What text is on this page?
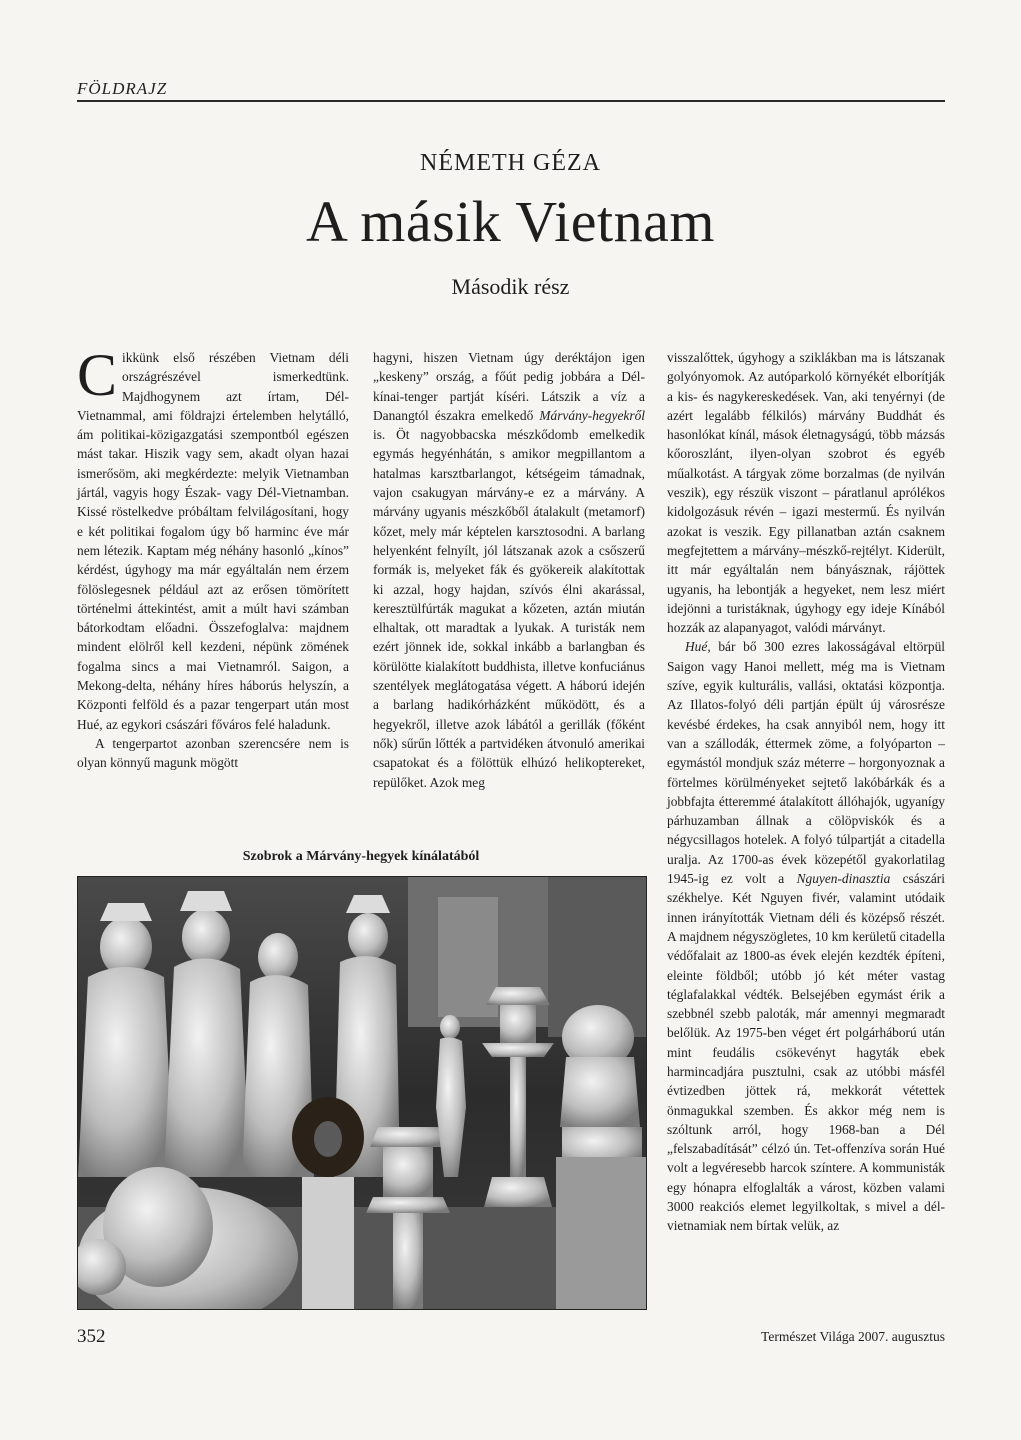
FÖLDRAJZ
NÉMETH GÉZA
A másik Vietnam
Második rész

Cikkünk első részében Vietnam déli országrészével ismerkedtünk. Majdhogynem azt írtam, Dél-Vietnammal, ami földrajzi értelemben helytálló, ám politikai-közigazgatási szempontból egészen mást takar. Hiszik vagy sem, akadt olyan hazai ismerősöm, aki megkérdezte: melyik Vietnamban jártál, vagyis hogy Észak- vagy Dél-Vietnamban. Kissé röstelkedve próbáltam felvilágosítani, hogy e két politikai fogalom úgy bő harminc éve már nem létezik. Kaptam még néhány hasonló „kínos” kérdést, úgyhogy ma már egyáltalán nem érzem fölöslegesnek például azt az erősen tömörített történelmi áttekintést, amit a múlt havi számban bátorkodtam előadni. Összefoglalva: majdnem mindent elölről kell kezdeni, népünk zömének fogalma sincs a mai Vietnamról. Saigon, a Mekong-delta, néhány híres háborús helyszín, a Központi felföld és a pazar tengerpart után most Hué, az egykori császári főváros felé haladunk.

A tengerpartot azonban szerencsére nem is olyan könnyű magunk mögött

hagyni, hiszen Vietnam úgy deréktájon igen „keskeny” ország, a főút pedig jobbára a Dél-kínai-tenger partját kíséri. Látszik a víz a Danangtól északra emelkedő Márvány-hegyekről is. Öt nagyobbacska mészkődomb emelkedik egymás hegyénhátán, s amikor megpillantom a hatalmas karsztbarlangot, kétségeim támadnak, vajon csakugyan márvány-e ez a márvány. A márvány ugyanis mészkőből átalakult (metamorf) kőzet, mely már képtelen karsztosodni. A barlang helyenként felnyílt, jól látszanak azok a csőszerű formák is, melyeket fák és gyökereik alakítottak ki azzal, hogy hajdan, szívós élni akarással, keresztülfúrták magukat a kőzeten, aztán miután elhaltak, ott maradtak a lyukak. A turisták nem ezért jönnek ide, sokkal inkább a barlangban és körülötte kialakított buddhista, illetve konfuciánus szentélyek meglátogatása végett. A háború idején a barlang hadikórházként működött, és a hegyekről, illetve azok lábától a gerillák (főként nők) sűrűn lőtték a partvidéken átvonuló amerikai csapatokat és a fölöttük elhúzó helikoptereket, repülőket. Azok meg

visszalőttek, úgyhogy a sziklákban ma is látszanak golyónyomok. Az autóparkoló környékét elborítják a kis- és nagykereskedések. Van, aki tenyérnyi (de azért legalább félkilós) márvány Buddhát és hasonlókat kínál, mások életnagyságú, több mázsás kőoroszlánt, ilyen-olyan szobrot és egyéb műalkotást. A tárgyak zöme borzalmas (de nyilván veszik), egy részük viszont – páratlanul aprólékos kidolgozásuk révén – igazi mestermű. És nyilván azokat is veszik. Egy pillanatban aztán csaknem megfejtettem a márvány–mészkő-rejtélyt. Kiderült, itt már egyáltalán nem bányásznak, rájöttek ugyanis, ha lebontják a hegyeket, nem lesz miért idejönni a turistáknak, úgyhogy egy ideje Kínából hozzák az alapanyagot, valódi márványt.

Hué, bár bő 300 ezres lakosságával eltörpül Saigon vagy Hanoi mellett, még ma is Vietnam szíve, egyik kulturális, vallási, oktatási központja. Az Illatos-folyó déli partján épült új városrésze kevésbé érdekes, ha csak annyiból nem, hogy itt van a szállodák, éttermek zöme, a folyóparton – egymástól mondjuk száz méterre – horgonyoznak a förtelmes körülményeket sejtető lakóbárkák és a jobbfajta étteremmé átalakított állóhajók, ugyanígy párhuzamban állnak a cölöpviskók és a négycsillagos hotelek. A folyó túlpartját a citadella uralja. Az 1700-as évek közepétől gyakorlatilag 1945-ig ez volt a Nguyen-dinasztia császári székhelye. Két Nguyen fivér, valamint utódaik innen irányították Vietnam déli és középső részét. A majdnem négyszögletes, 10 km kerületű citadella védőfalait az 1800-as évek elején kezdték építeni, eleinte földből; utóbb jó két méter vastag téglafalakkal védték. Belsejében egymást érik a szebbnél szebb paloták, már amennyi megmaradt belőlük. Az 1975-ben véget ért polgárháború után mint feudális csökevényt hagyták ebek harmincadjára pusztulni, csak az utóbbi másfél évtizedben jöttek rá, mekkorát vétettek önmagukkal szemben. És akkor még nem is szóltunk arról, hogy 1968-ban a Dél „felszabadítását” célzó ún. Tet-offenzíva során Hué volt a legvéresebb harcok színtere. A kommunisták egy hónapra elfoglalták a várost, közben valami 3000 reakciós elemet legyilkoltak, s mivel a dél-vietnamiak nem bírtak velük, az

Szobrok a Márvány-hegyek kínálatából
352	Természet Világa 2007. augusztus
